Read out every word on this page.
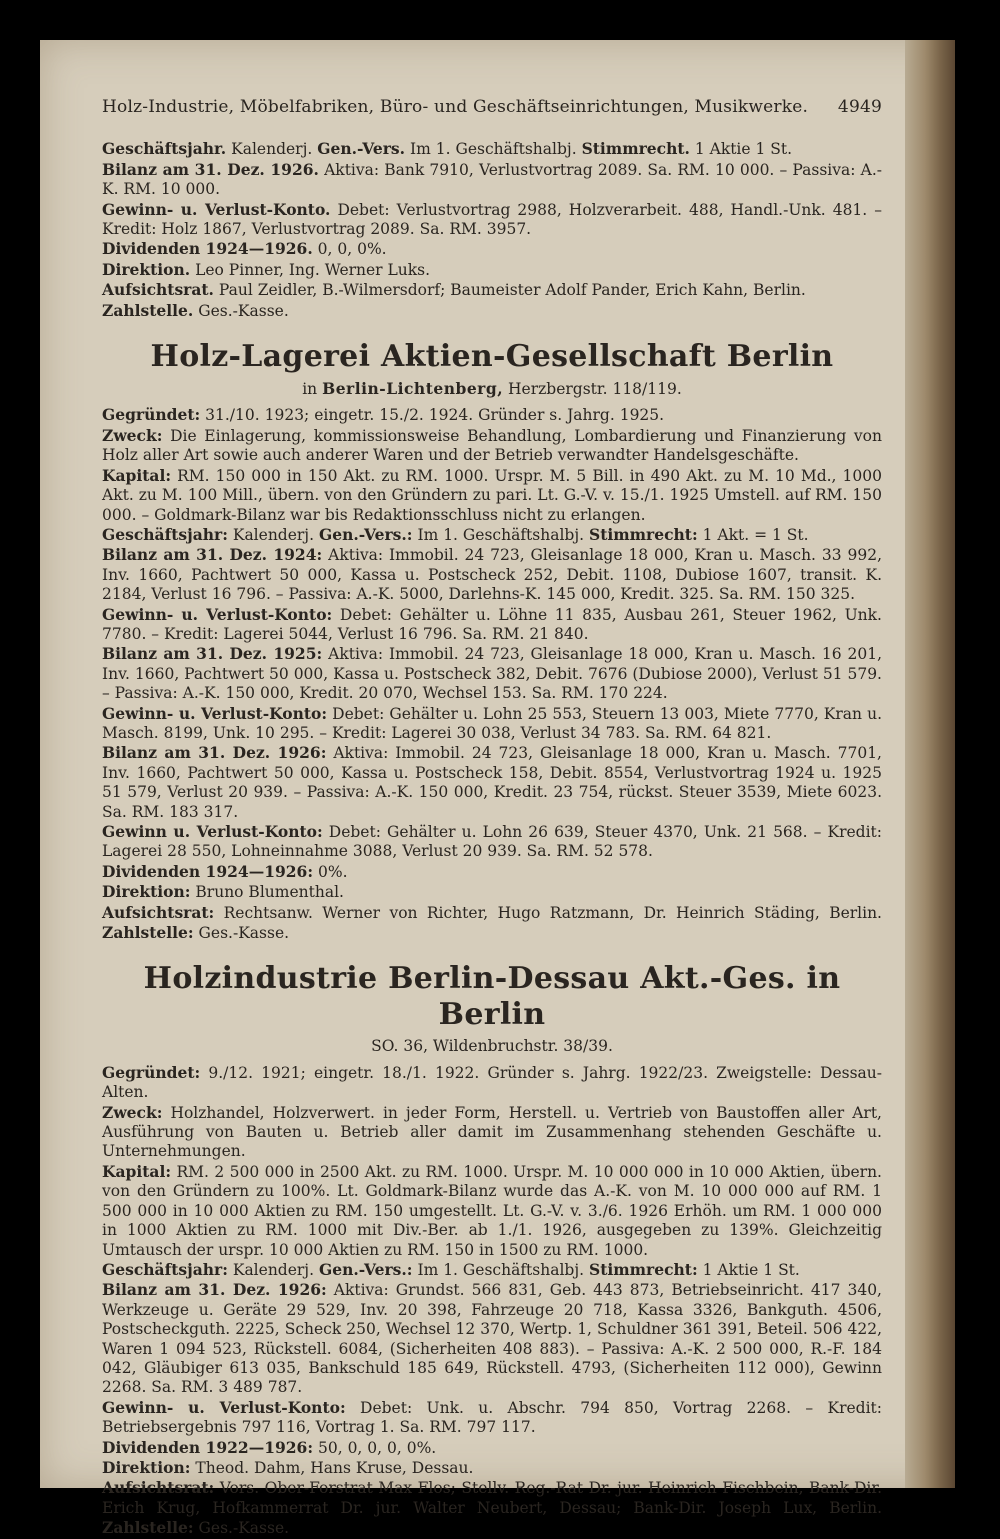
Holz-Industrie, Möbelfabriken, Büro- und Geschäftseinrichtungen, Musikwerke. 4949

Geschäftsjahr. Kalenderj. Gen.-Vers. Im 1. Geschäftshalbj. Stimmrecht. 1 Aktie 1 St.
Bilanz am 31. Dez. 1926. Aktiva: Bank 7910, Verlustvortrag 2089. Sa. RM. 10 000. – Passiva: A.-K. RM. 10 000.

Gewinn- u. Verlust-Konto. Debet: Verlustvortrag 2988, Holzverarbeit. 488, Handl.-Unk. 481. – Kredit: Holz 1867, Verlustvortrag 2089. Sa. RM. 3957.

Dividenden 1924—1926. 0, 0, 0%.

Direktion. Leo Pinner, Ing. Werner Luks.

Aufsichtsrat. Paul Zeidler, B.-Wilmersdorf; Baumeister Adolf Pander, Erich Kahn, Berlin.

Zahlstelle. Ges.-Kasse.

Holz-Lagerei Aktien-Gesellschaft Berlin
in Berlin-Lichtenberg, Herzbergstr. 118/119.

Gegründet: 31./10. 1923; eingetr. 15./2. 1924. Gründer s. Jahrg. 1925.

Zweck: Die Einlagerung, kommissionsweise Behandlung, Lombardierung und Finanzierung von Holz aller Art sowie auch anderer Waren und der Betrieb verwandter Handelsgeschäfte.

Kapital: RM. 150 000 in 150 Akt. zu RM. 1000. Urspr. M. 5 Bill. in 490 Akt. zu M. 10 Md., 1000 Akt. zu M. 100 Mill., übern. von den Gründern zu pari. Lt. G.-V. v. 15./1. 1925 Umstell. auf RM. 150 000. – Goldmark-Bilanz war bis Redaktionsschluss nicht zu erlangen.

Geschäftsjahr: Kalenderj. Gen.-Vers.: Im 1. Geschäftshalbj. Stimmrecht: 1 Akt. = 1 St.

Bilanz am 31. Dez. 1924: Aktiva: Immobil. 24 723, Gleisanlage 18 000, Kran u. Masch. 33 992, Inv. 1660, Pachtwert 50 000, Kassa u. Postscheck 252, Debit. 1108, Dubiose 1607, transit. K. 2184, Verlust 16 796. – Passiva: A.-K. 5000, Darlehns-K. 145 000, Kredit. 325. Sa. RM. 150 325.

Gewinn- u. Verlust-Konto: Debet: Gehälter u. Löhne 11 835, Ausbau 261, Steuer 1962, Unk. 7780. – Kredit: Lagerei 5044, Verlust 16 796. Sa. RM. 21 840.

Bilanz am 31. Dez. 1925: Aktiva: Immobil. 24 723, Gleisanlage 18 000, Kran u. Masch. 16 201, Inv. 1660, Pachtwert 50 000, Kassa u. Postscheck 382, Debit. 7676 (Dubiose 2000), Verlust 51 579. – Passiva: A.-K. 150 000, Kredit. 20 070, Wechsel 153. Sa. RM. 170 224.

Gewinn- u. Verlust-Konto: Debet: Gehälter u. Lohn 25 553, Steuern 13 003, Miete 7770, Kran u. Masch. 8199, Unk. 10 295. – Kredit: Lagerei 30 038, Verlust 34 783. Sa. RM. 64 821.

Bilanz am 31. Dez. 1926: Aktiva: Immobil. 24 723, Gleisanlage 18 000, Kran u. Masch. 7701, Inv. 1660, Pachtwert 50 000, Kassa u. Postscheck 158, Debit. 8554, Verlustvortrag 1924 u. 1925 51 579, Verlust 20 939. – Passiva: A.-K. 150 000, Kredit. 23 754, rückst. Steuer 3539, Miete 6023. Sa. RM. 183 317.

Gewinn u. Verlust-Konto: Debet: Gehälter u. Lohn 26 639, Steuer 4370, Unk. 21 568. – Kredit: Lagerei 28 550, Lohneinnahme 3088, Verlust 20 939. Sa. RM. 52 578.

Dividenden 1924—1926: 0%.

Direktion: Bruno Blumenthal.

Aufsichtsrat: Rechtsanw. Werner von Richter, Hugo Ratzmann, Dr. Heinrich Städing, Berlin. Zahlstelle: Ges.-Kasse.

Holzindustrie Berlin-Dessau Akt.-Ges. in Berlin
SO. 36, Wildenbruchstr. 38/39.

Gegründet: 9./12. 1921; eingetr. 18./1. 1922. Gründer s. Jahrg. 1922/23. Zweigstelle: Dessau-Alten.

Zweck: Holzhandel, Holzverwert. in jeder Form, Herstell. u. Vertrieb von Baustoffen aller Art, Ausführung von Bauten u. Betrieb aller damit im Zusammenhang stehenden Geschäfte u. Unternehmungen.

Kapital: RM. 2 500 000 in 2500 Akt. zu RM. 1000. Urspr. M. 10 000 000 in 10 000 Aktien, übern. von den Gründern zu 100%. Lt. Goldmark-Bilanz wurde das A.-K. von M. 10 000 000 auf RM. 1 500 000 in 10 000 Aktien zu RM. 150 umgestellt. Lt. G.-V. v. 3./6. 1926 Erhöh. um RM. 1 000 000 in 1000 Aktien zu RM. 1000 mit Div.-Ber. ab 1./1. 1926, ausgegeben zu 139%. Gleichzeitig Umtausch der urspr. 10 000 Aktien zu RM. 150 in 1500 zu RM. 1000.

Geschäftsjahr: Kalenderj. Gen.-Vers.: Im 1. Geschäftshalbj. Stimmrecht: 1 Aktie 1 St.

Bilanz am 31. Dez. 1926: Aktiva: Grundst. 566 831, Geb. 443 873, Betriebseinricht. 417 340, Werkzeuge u. Geräte 29 529, Inv. 20 398, Fahrzeuge 20 718, Kassa 3326, Bankguth. 4506, Postscheckguth. 2225, Scheck 250, Wechsel 12 370, Wertp. 1, Schuldner 361 391, Beteil. 506 422, Waren 1 094 523, Rückstell. 6084, (Sicherheiten 408 883). – Passiva: A.-K. 2 500 000, R.-F. 184 042, Gläubiger 613 035, Bankschuld 185 649, Rückstell. 4793, (Sicherheiten 112 000), Gewinn 2268. Sa. RM. 3 489 787.

Gewinn- u. Verlust-Konto: Debet: Unk. u. Abschr. 794 850, Vortrag 2268. – Kredit: Betriebsergebnis 797 116, Vortrag 1. Sa. RM. 797 117.

Dividenden 1922—1926: 50, 0, 0, 0, 0%.

Direktion: Theod. Dahm, Hans Kruse, Dessau.

Aufsichtsrat: Vors. Ober-Forstrat Max Flos; Stellv. Reg.-Rat Dr. jur. Heinrich Fischbein, Bank-Dir. Erich Krug, Hofkammerrat Dr. jur. Walter Neubert, Dessau; Bank-Dir. Joseph Lux, Berlin. Zahlstelle: Ges.-Kasse.
